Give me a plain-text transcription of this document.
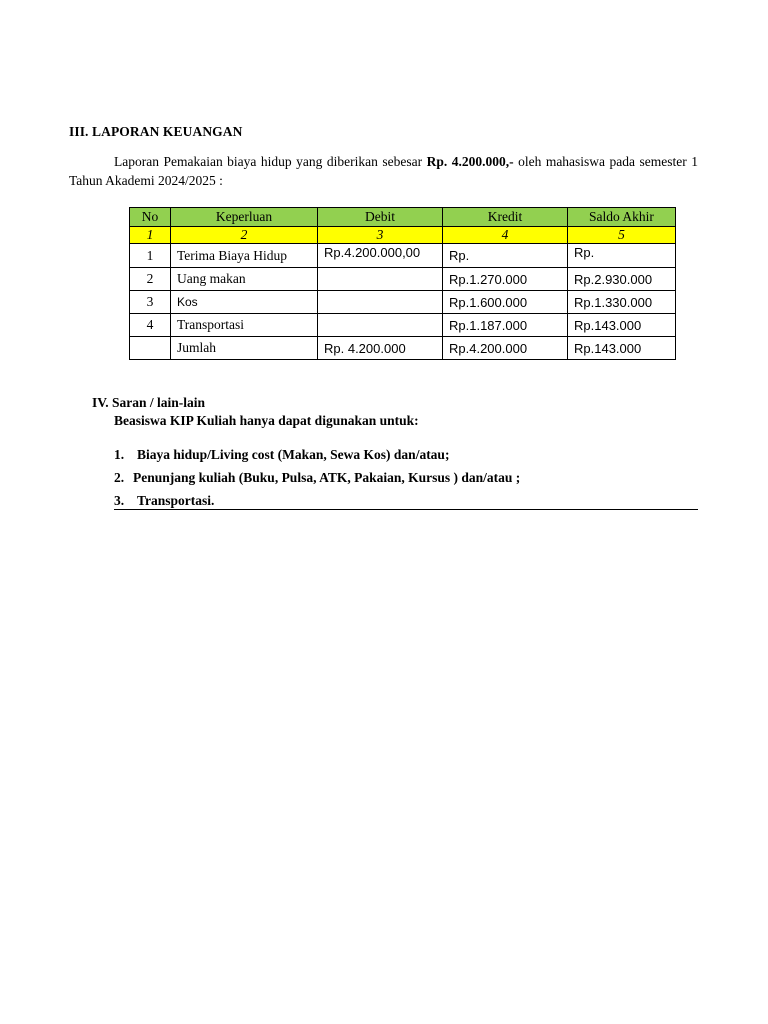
III. LAPORAN KEUANGAN

Laporan Pemakaian biaya hidup yang diberikan sebesar Rp. 4.200.000,- oleh mahasiswa pada semester 1 Tahun Akademi 2024/2025 :

No	Keperluan	Debit	Kredit	Saldo Akhir
1	2	3	4	5
1	Terima Biaya Hidup	Rp.4.200.000,00	Rp.	Rp.
2	Uang makan		Rp.1.270.000	Rp.2.930.000
3	Kos		Rp.1.600.000	Rp.1.330.000
4	Transportasi		Rp.1.187.000	Rp.143.000
	Jumlah	Rp. 4.200.000	Rp.4.200.000	Rp.143.000
IV. Saran / lain-lain
Beasiswa KIP Kuliah hanya dapat digunakan untuk:
1. Biaya hidup/Living cost (Makan, Sewa Kos) dan/atau;
2. Penunjang kuliah (Buku, Pulsa, ATK, Pakaian, Kursus ) dan/atau ;
3. Transportasi.
